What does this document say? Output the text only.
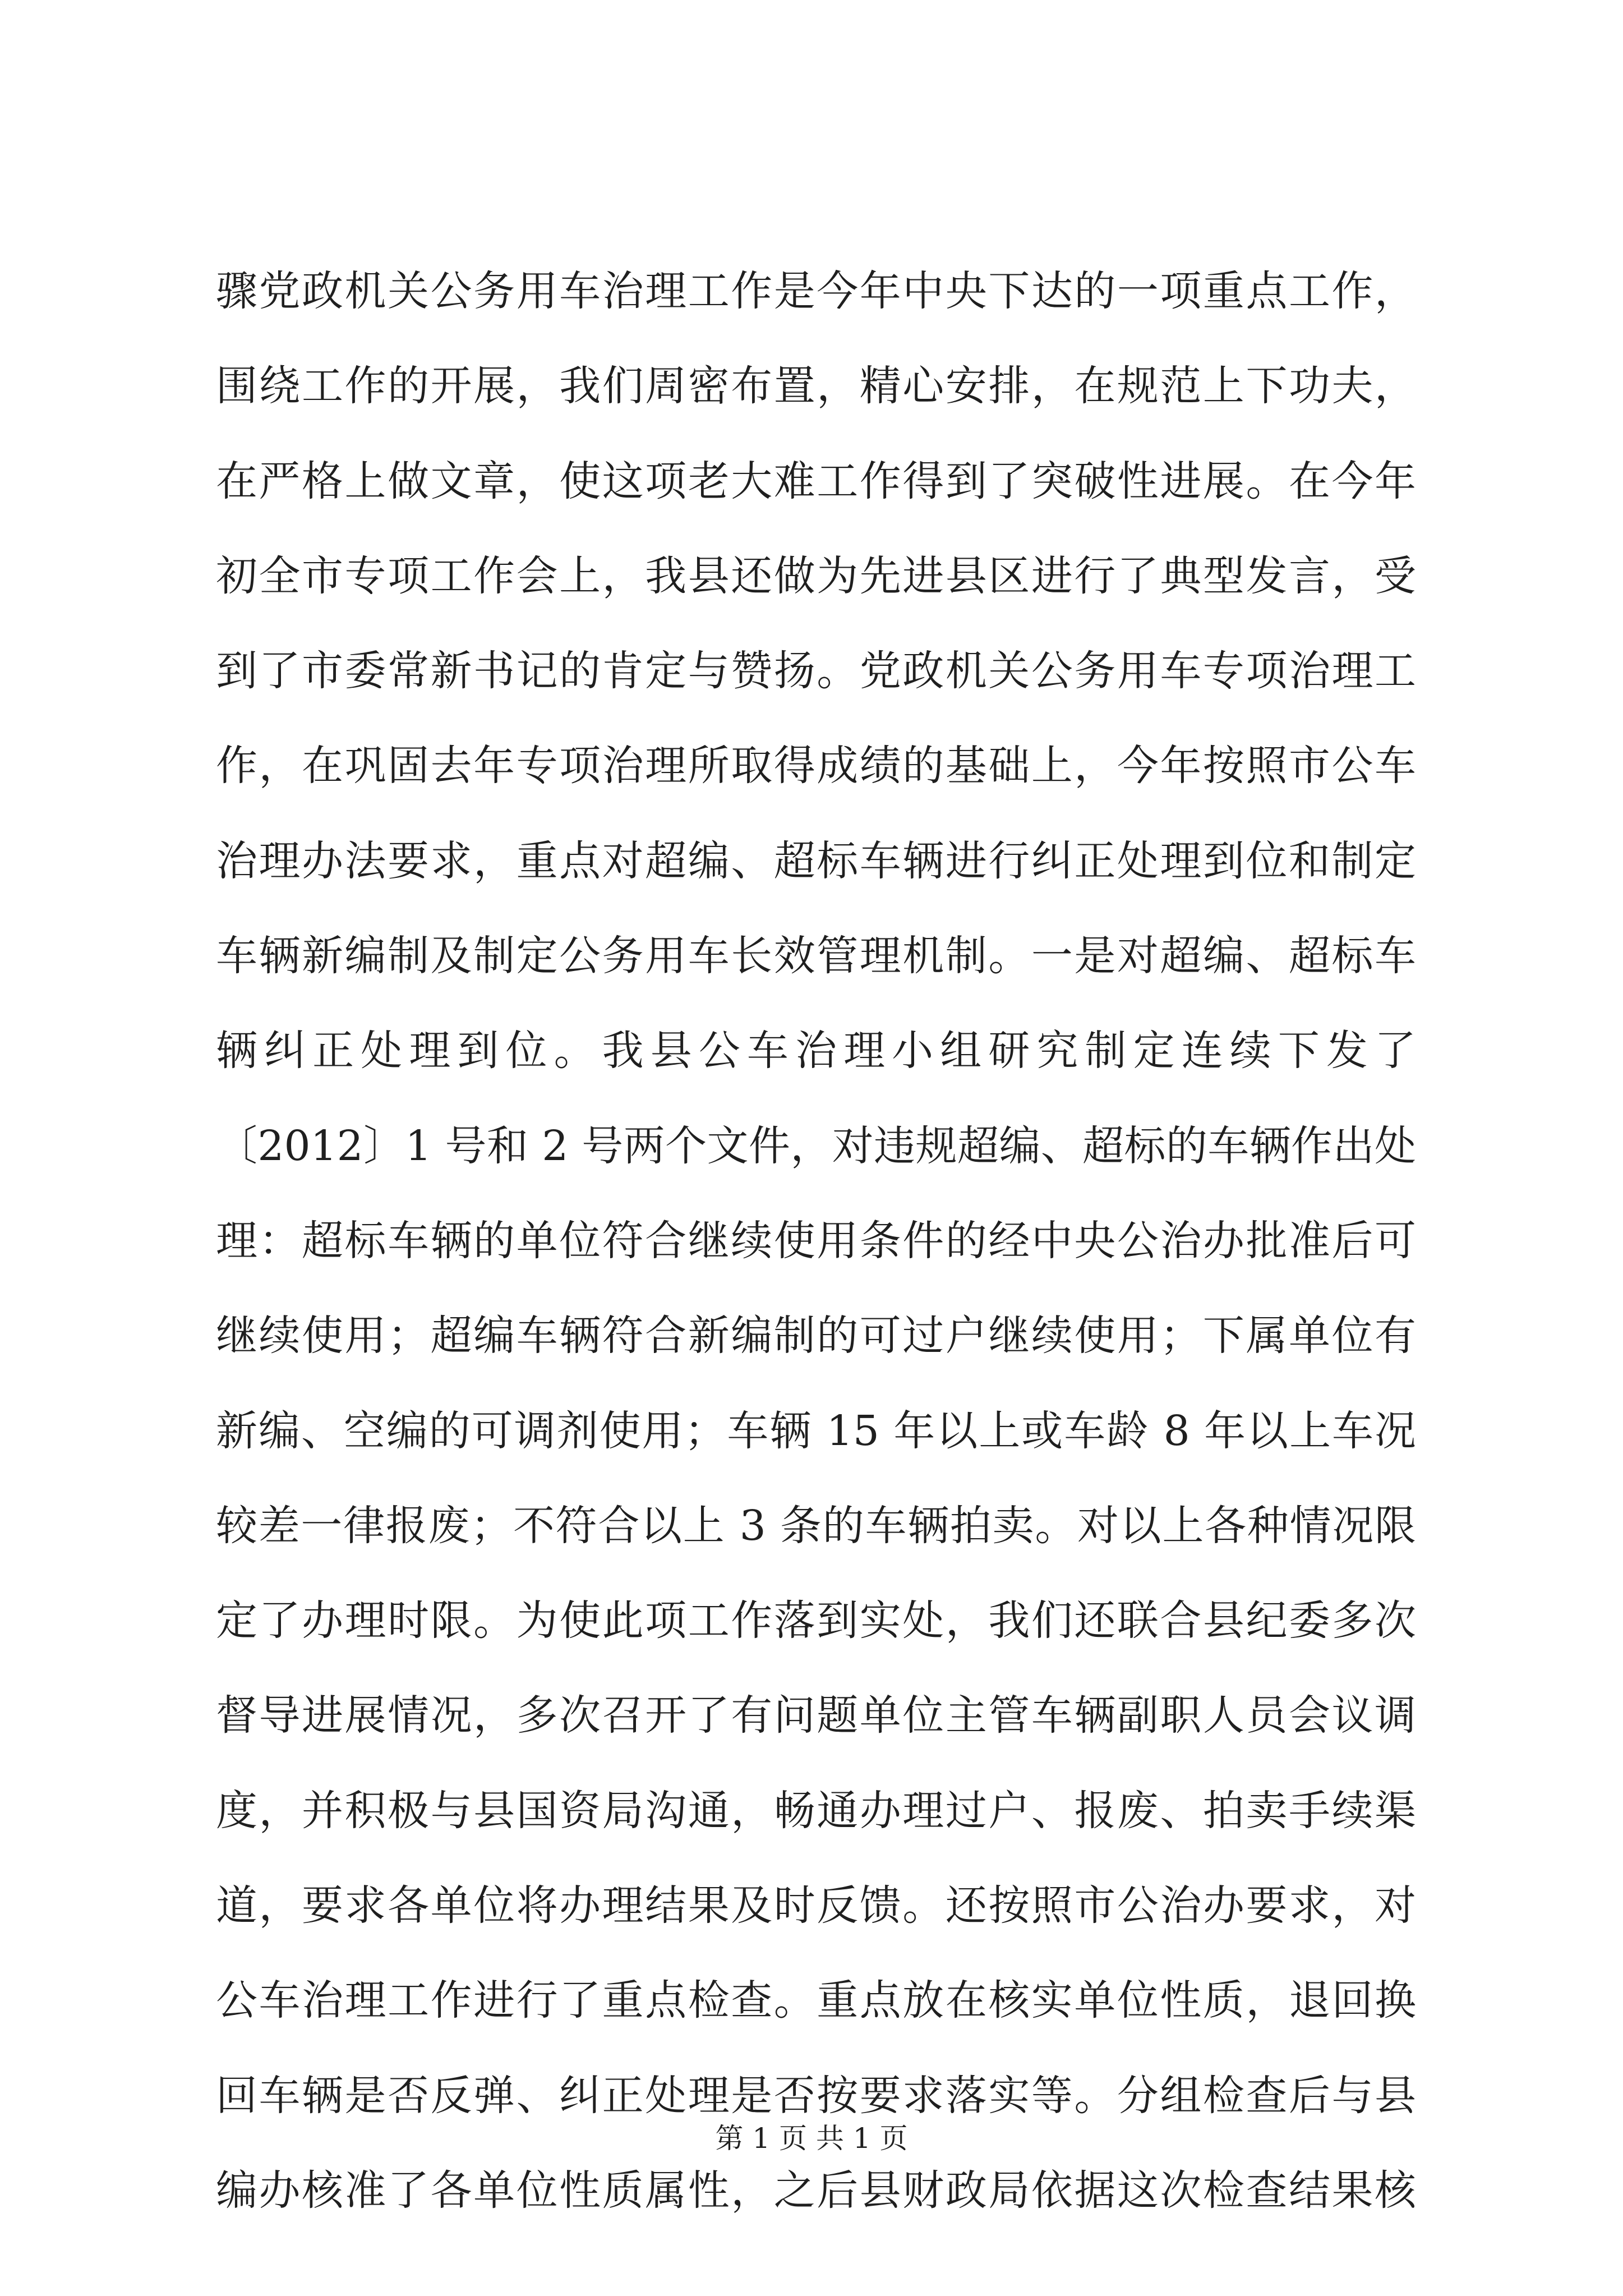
骤党政机关公务用车治理工作是今年中央下达的一项重点工作，
围绕工作的开展，我们周密布置，精心安排，在规范上下功夫，
在严格上做文章，使这项老大难工作得到了突破性进展。在今年
初全市专项工作会上，我县还做为先进县区进行了典型发言，受
到了市委常新书记的肯定与赞扬。党政机关公务用车专项治理工
作，在巩固去年专项治理所取得成绩的基础上，今年按照市公车
治理办法要求，重点对超编、超标车辆进行纠正处理到位和制定
车辆新编制及制定公务用车长效管理机制。一是对超编、超标车
辆纠正处理到位。我县公车治理小组研究制定连续下发了
〔2012〕1 号和 2 号两个文件，对违规超编、超标的车辆作出处
理：超标车辆的单位符合继续使用条件的经中央公治办批准后可
继续使用；超编车辆符合新编制的可过户继续使用；下属单位有
新编、空编的可调剂使用；车辆 15 年以上或车龄 8 年以上车况
较差一律报废；不符合以上 3 条的车辆拍卖。对以上各种情况限
定了办理时限。为使此项工作落到实处，我们还联合县纪委多次
督导进展情况，多次召开了有问题单位主管车辆副职人员会议调
度，并积极与县国资局沟通，畅通办理过户、报废、拍卖手续渠
道，要求各单位将办理结果及时反馈。还按照市公治办要求，对
公车治理工作进行了重点检查。重点放在核实单位性质，退回换
回车辆是否反弹、纠正处理是否按要求落实等。分组检查后与县
编办核准了各单位性质属性，之后县财政局依据这次检查结果核
第 1 页 共 1 页
